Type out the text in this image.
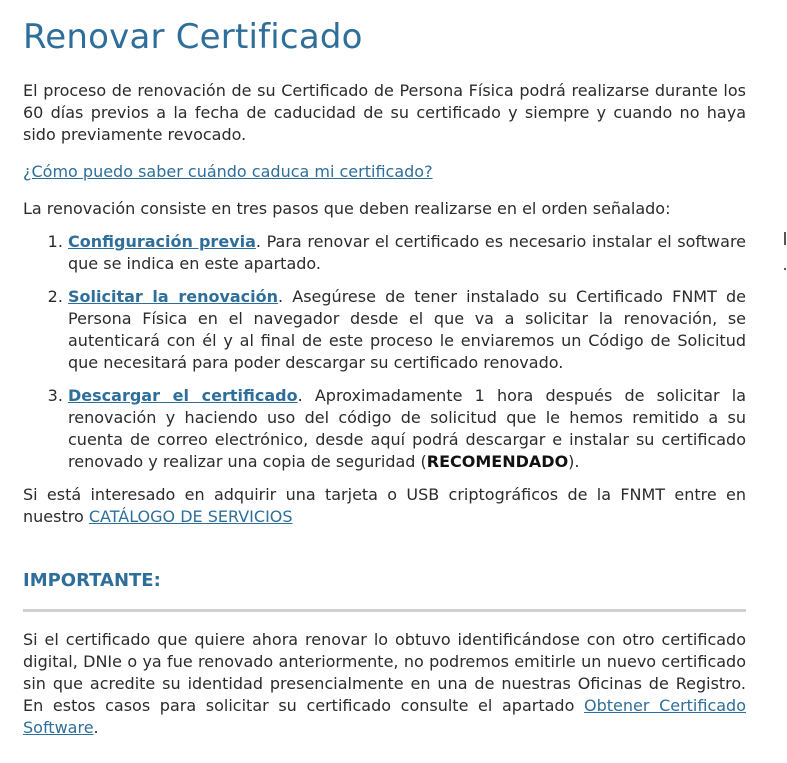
Renovar Certificado

El proceso de renovación de su Certificado de Persona Física podrá realizarse durante los 60 días previos a la fecha de caducidad de su certificado y siempre y cuando no haya sido previamente revocado.

¿Cómo puedo saber cuándo caduca mi certificado?

La renovación consiste en tres pasos que deben realizarse en el orden señalado:

1. Configuración previa. Para renovar el certificado es necesario instalar el software que se indica en este apartado.
2. Solicitar la renovación. Asegúrese de tener instalado su Certificado FNMT de Persona Física en el navegador desde el que va a solicitar la renovación, se autenticará con él y al final de este proceso le enviaremos un Código de Solicitud que necesitará para poder descargar su certificado renovado.
3. Descargar el certificado. Aproximadamente 1 hora después de solicitar la renovación y haciendo uso del código de solicitud que le hemos remitido a su cuenta de correo electrónico, desde aquí podrá descargar e instalar su certificado renovado y realizar una copia de seguridad (RECOMENDADO).

Si está interesado en adquirir una tarjeta o USB criptográficos de la FNMT entre en nuestro CATÁLOGO DE SERVICIOS

IMPORTANTE:

Si el certificado que quiere ahora renovar lo obtuvo identificándose con otro certificado digital, DNIe o ya fue renovado anteriormente, no podremos emitirle un nuevo certificado sin que acredite su identidad presencialmente en una de nuestras Oficinas de Registro. En estos casos para solicitar su certificado consulte el apartado Obtener Certificado Software.
